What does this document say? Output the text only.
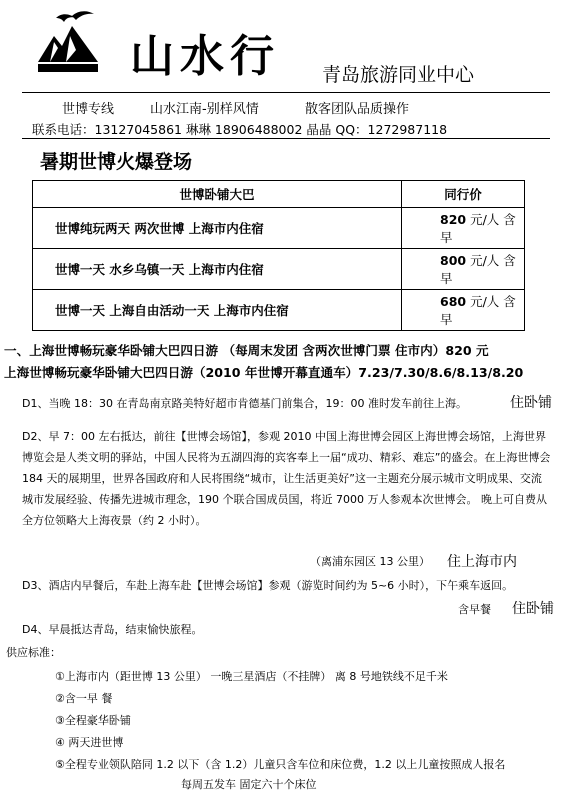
山水行 青岛旅游同业中心
世博专线	山水江南-别样风情	散客团队品质操作
联系电话：13127045861 琳琳 18906488002 晶晶 QQ：1272987118
暑期世博火爆登场
世博卧铺大巴	同行价
世博纯玩两天 两次世博 上海市内住宿	820 元/人 含早
世博一天 水乡乌镇一天 上海市内住宿	800 元/人 含早
世博一天 上海自由活动一天 上海市内住宿	680 元/人 含早
一、上海世博畅玩豪华卧铺大巴四日游 （每周末发团 含两次世博门票 住市内）820 元
上海世博畅玩豪华卧铺大巴四日游（2010 年世博开幕直通车）7.23/7.30/8.6/8.13/8.20
D1、当晚 18：30 在青岛南京路美特好超市肯德基门前集合，19：00 准时发车前往上海。	住卧铺
D2、早 7：00 左右抵达，前往【世博会场馆】，参观 2010 中国上海世博会园区上海世博会场馆，上海世界博览会是人类文明的驿站，中国人民将为五湖四海的宾客奉上一届“成功、精彩、难忘”的盛会。在上海世博会 184 天的展期里，世界各国政府和人民将围绕“城市，让生活更美好”这一主题充分展示城市文明成果、交流城市发展经验、传播先进城市理念，190 个联合国成员国，将近 7000 万人参观本次世博会。 晚上可自费从全方位领略大上海夜景（约 2 小时）。
（离浦东园区 13 公里） 住上海市内
D3、酒店内早餐后，车赴上海车赴【世博会场馆】参观（游览时间约为 5~6 小时），下午乘车返回。
含早餐 住卧铺
D4、早晨抵达青岛，结束愉快旅程。
供应标准：
①上海市内（距世博 13 公里） 一晚三星酒店（不挂牌） 离 8 号地铁线不足千米
②含一早 餐
③全程豪华卧铺
④ 两天进世博
⑤全程专业领队陪同 1.2 以下（含 1.2）儿童只含车位和床位费，1.2 以上儿童按照成人报名
每周五发车 固定六十个床位
